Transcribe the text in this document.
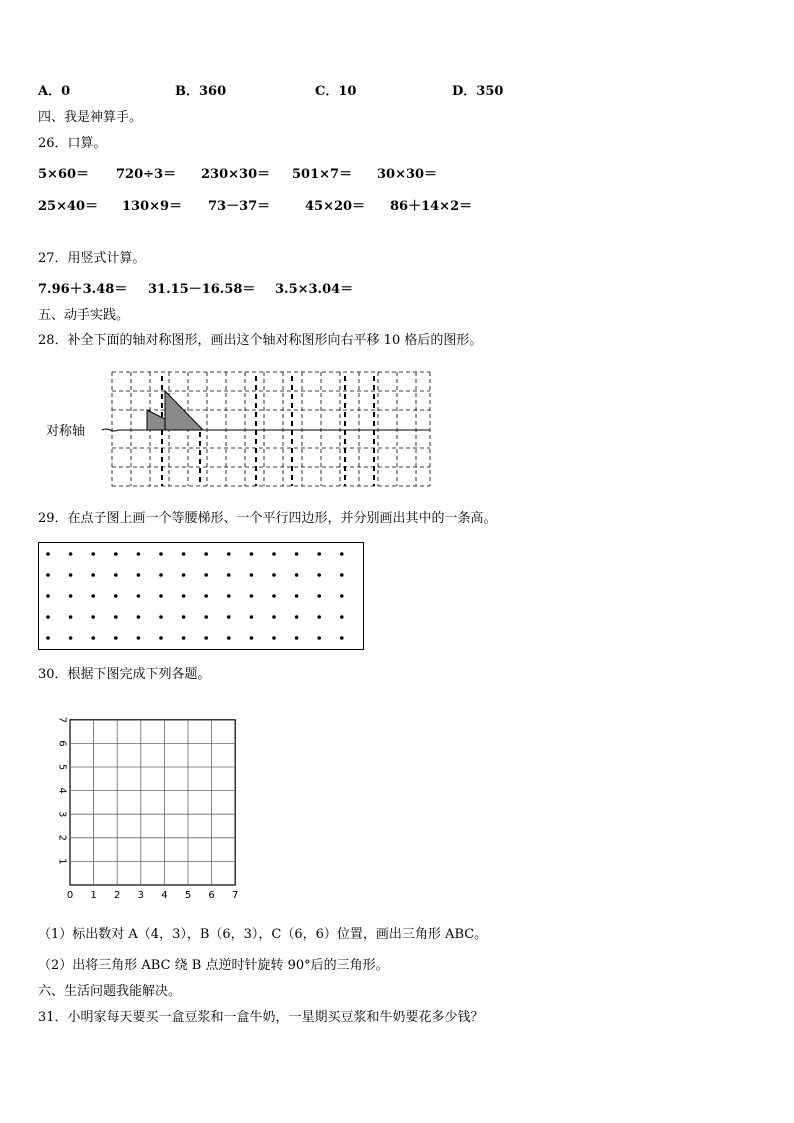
A．0	B．360	C．10	D．350
四、我是神算手。
26．口算。
5×60＝ 720÷3＝ 230×30＝ 501×7＝ 30×30＝
25×40＝ 130×9＝ 73－37＝	45×20＝ 86＋14×2＝
27．用竖式计算。
7.96＋3.48＝ 31.15－16.58＝ 3.5×3.04＝
五、动手实践。
28．补全下面的轴对称图形，画出这个轴对称图形向右平移 10 格后的图形。
对称轴
29．在点子图上画一个等腰梯形、一个平行四边形，并分别画出其中的一条高。
30．根据下图完成下列各题。
0 1 2 3 4 5 6 7
1
2
3
4
5
6
7
（1）标出数对 A（4，3），B（6，3），C（6，6）位置，画出三角形 ABC。
（2）出将三角形 ABC 绕 B 点逆时针旋转 90°后的三角形。
六、生活问题我能解决。
31．小明家每天要买一盒豆浆和一盒牛奶，一星期买豆浆和牛奶要花多少钱？
